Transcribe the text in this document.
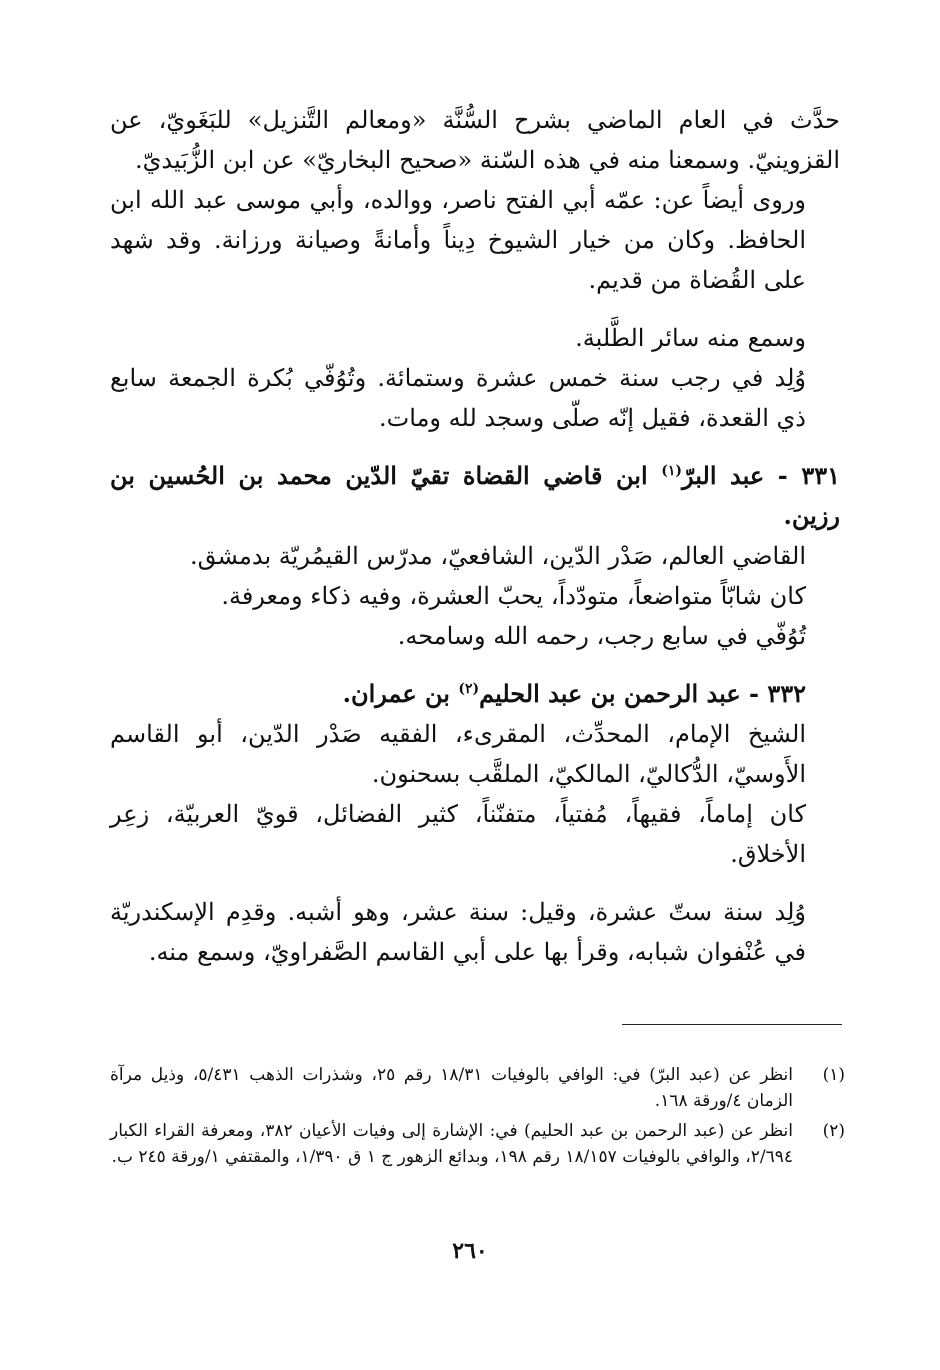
حدَّث في العام الماضي بشرح السُّنَّة «ومعالم التَّنزيل» للبَغَويّ، عن القزوينيّ. وسمعنا منه في هذه السّنة «صحيح البخاريّ» عن ابن الزُّبَيديّ.

وروى أيضاً عن: عمّه أبي الفتح ناصر، ووالده، وأبي موسى عبد الله ابن الحافظ. وكان من خيار الشيوخ دِيناً وأمانةً وصيانة ورزانة. وقد شهد على القُضاة من قديم.

وسمع منه سائر الطَّلبة.

وُلِد في رجب سنة خمس عشرة وستمائة. وتُوُفّي بُكرة الجمعة سابع ذي القعدة، فقيل إنّه صلّى وسجد لله ومات.

٣٣١ - عبد البرّ$^{(١)}$ ابن قاضي القضاة تقيّ الدّين محمد بن الحُسين بن رزين.

القاضي العالم، صَدْر الدّين، الشافعيّ، مدرّس القيمُريّة بدمشق.

كان شابّاً متواضعاً، متودّداً، يحبّ العشرة، وفيه ذكاء ومعرفة.

تُوُفّي في سابع رجب، رحمه الله وسامحه.

٣٣٢ - عبد الرحمن بن عبد الحليم$^{(٢)}$ بن عمران.

الشيخ الإمام، المحدِّث، المقرىء، الفقيه صَدْر الدّين، أبو القاسم الأَوسيّ، الدُّكاليّ، المالكيّ، الملقَّب بسحنون.

كان إماماً، فقيهاً، مُفتياً، متفنّناً، كثير الفضائل، قويّ العربيّة، زعِر الأخلاق.

وُلِد سنة ستّ عشرة، وقيل: سنة عشر، وهو أشبه. وقدِم الإسكندريّة في عُنْفوان شبابه، وقرأ بها على أبي القاسم الصَّفراويّ، وسمع منه.

(١)
انظر عن (عبد البرّ) في: الوافي بالوفيات ١٨/٣١ رقم ٢٥، وشذرات الذهب ٥/٤٣١، وذيل مرآة الزمان ٤/ورقة ١٦٨.
(٢)
انظر عن (عبد الرحمن بن عبد الحليم) في: الإشارة إلى وفيات الأعيان ٣٨٢، ومعرفة القراء الكبار ٢/٦٩٤، والوافي بالوفيات ١٨/١٥٧ رقم ١٩٨، وبدائع الزهور ج ١ ق ١/٣٩٠، والمقتفي ١/ورقة ٢٤٥ ب.
٢٦٠
